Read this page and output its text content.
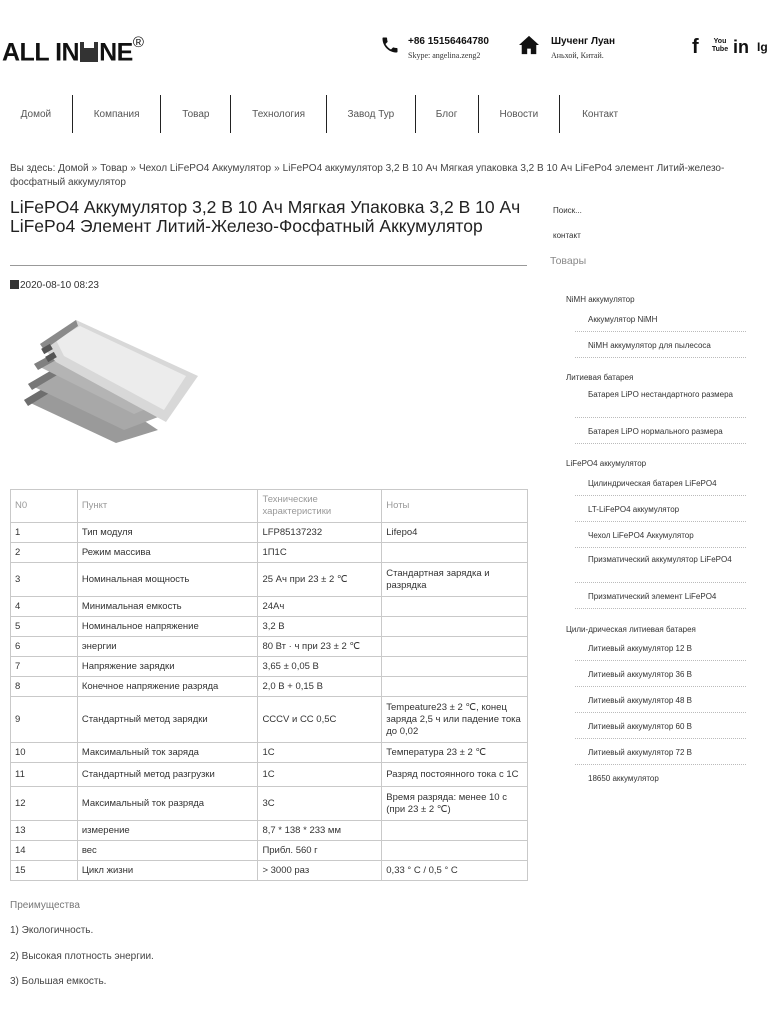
ALL IN NE®	+86 15156464780
Skype: angelina.zeng2
Шученг Луан
Аньхой, Китай.	f	You Tube in Ig
Домой	Компания	Товар	Технология	Завод Тур	Блог	Новости	Контакт
Вы здесь: Домой » Товар » Чехол LiFePO4 Аккумулятор » LiFePO4 аккумулятор 3,2 В 10 Ач Мягкая упаковка 3,2 В 10 Ач LiFePo4 элемент Литий-железо-фосфатный аккумулятор
LiFePO4 Аккумулятор 3,2 В 10 Ач Мягкая Упаковка 3,2 В 10 Ач LiFePo4 Элемент Литий-Железо-Фосфатный Аккумулятор
2020-08-10 08:23
N0	Пункт	Технические характеристики	Ноты
1	Тип модуля	LFP85137232	Lifepo4
2	Режим массива	1П1С	
3	Номинальная мощность	25 Ач при 23 ± 2 ℃	Стандартная зарядка и разрядка
4	Минимальная емкость	24Ач	
5	Номинальное напряжение	3,2 В	
6	энергии	80 Вт · ч при 23 ± 2 ℃	
7	Напряжение зарядки	3,65 ± 0,05 В	
8	Конечное напряжение разряда	2,0 В + 0,15 В	
9	Стандартный метод зарядки	CCCV и CC 0,5C	Tempeature23 ± 2 ℃, конец заряда 2,5 ч или падение тока до 0,02
10	Максимальный ток заряда	1C	Температура 23 ± 2 ℃
11	Стандартный метод разгрузки	1C	Разряд постоянного тока с 1C
12	Максимальный ток разряда	3C	Время разряда: менее 10 с (при 23 ± 2 ℃)
13	измерение	8,7 * 138 * 233 мм	
14	вес	Прибл. 560 г	
15	Цикл жизни	> 3000 раз	0,33 ° C / 0,5 ° C
Преимущества
1) Экологичность.
2) Высокая плотность энергии.
3) Большая емкость.
Поиск...
контакт
Товары
NiMH аккумулятор
Аккумулятор NiMH
NiMH аккумулятор для пылесоса
Литиевая батарея
Батарея LiPO нестандартного размера
Батарея LiPO нормального размера
LiFePO4 аккумулятор
Цилиндрическая батарея LiFePO4
LT-LiFePO4 аккумулятор
Чехол LiFePO4 Аккумулятор
Призматический аккумулятор LiFePO4
Призматический элемент LiFePO4
Цили-дрическая литиевая батарея
Литиевый аккумулятор 12 В
Литиевый аккумулятор 36 В
Литиевый аккумулятор 48 В
Литиевый аккумулятор 60 В
Литиевый аккумулятор 72 В
18650 аккумулятор
